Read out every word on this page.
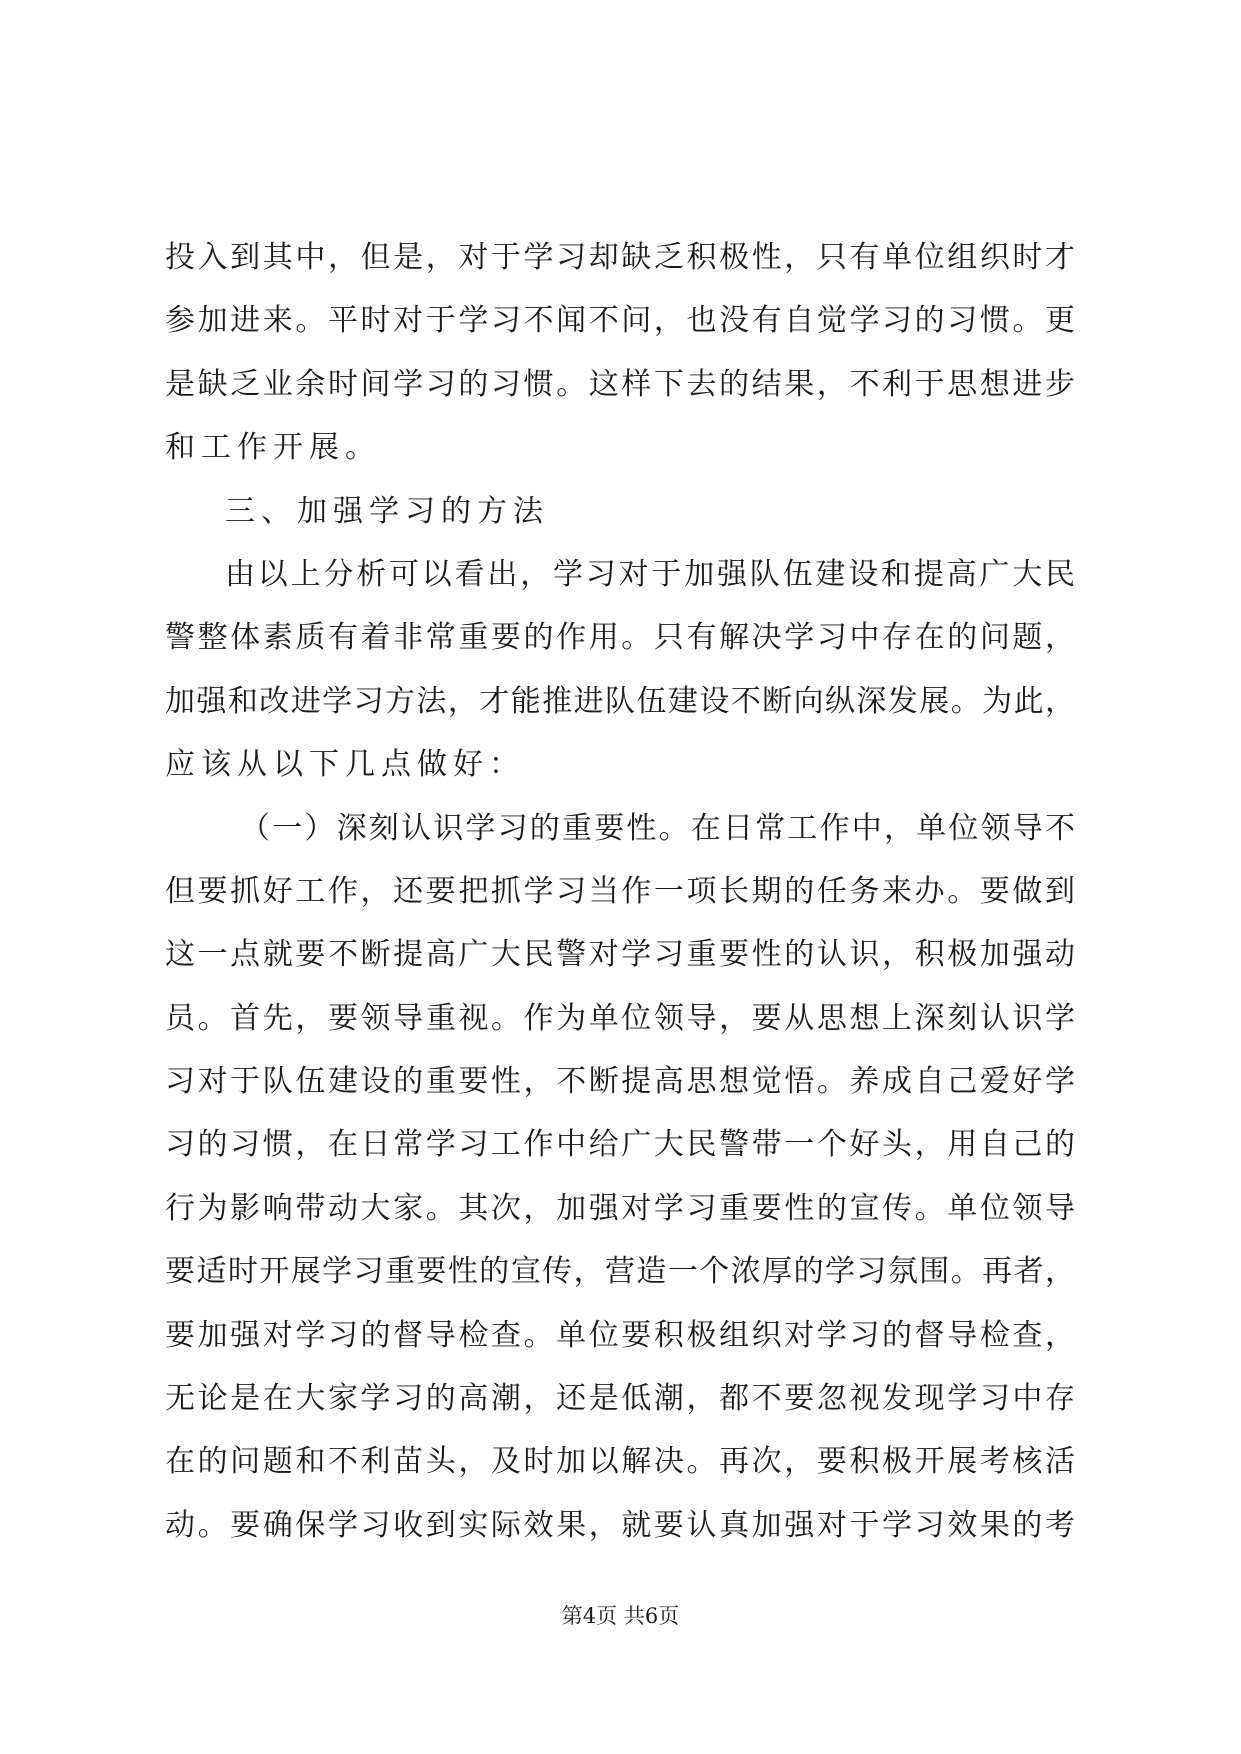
投入到其中，但是，对于学习却缺乏积极性，只有单位组织时才
参加进来。平时对于学习不闻不问，也没有自觉学习的习惯。更
是缺乏业余时间学习的习惯。这样下去的结果，不利于思想进步
和工作开展。
三、加强学习的方法
由以上分析可以看出，学习对于加强队伍建设和提高广大民
警整体素质有着非常重要的作用。只有解决学习中存在的问题，
加强和改进学习方法，才能推进队伍建设不断向纵深发展。为此，
应该从以下几点做好：
（一）深刻认识学习的重要性。在日常工作中，单位领导不
但要抓好工作，还要把抓学习当作一项长期的任务来办。要做到
这一点就要不断提高广大民警对学习重要性的认识，积极加强动
员。首先，要领导重视。作为单位领导，要从思想上深刻认识学
习对于队伍建设的重要性，不断提高思想觉悟。养成自己爱好学
习的习惯，在日常学习工作中给广大民警带一个好头，用自己的
行为影响带动大家。其次，加强对学习重要性的宣传。单位领导
要适时开展学习重要性的宣传，营造一个浓厚的学习氛围。再者，
要加强对学习的督导检查。单位要积极组织对学习的督导检查，
无论是在大家学习的高潮，还是低潮，都不要忽视发现学习中存
在的问题和不利苗头，及时加以解决。再次，要积极开展考核活
动。要确保学习收到实际效果，就要认真加强对于学习效果的考
第4页 共6页
